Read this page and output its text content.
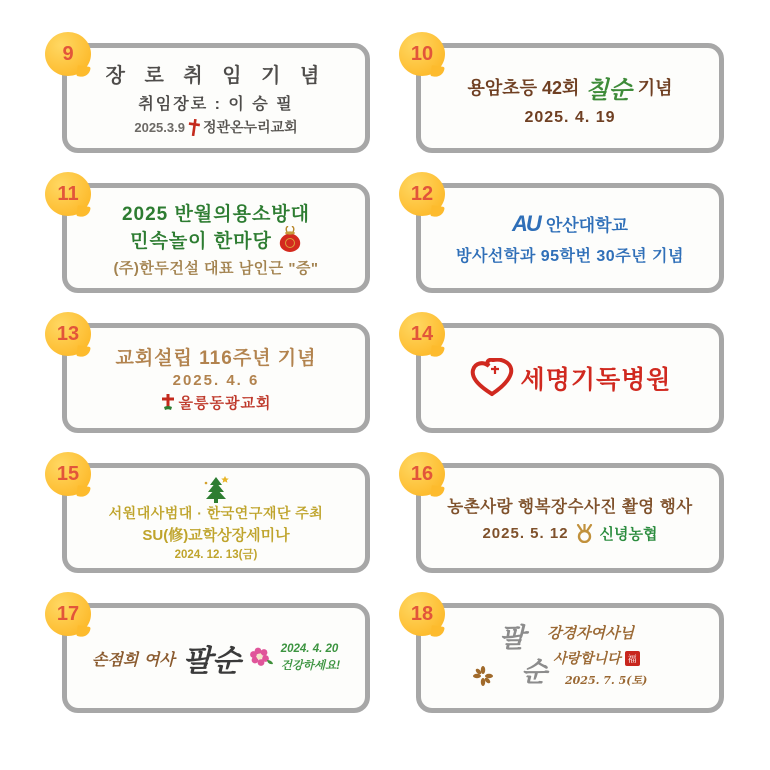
9
장 로 취 임 기 념
취임장로 : 이 승 필
2025.3.9 정관온누리교회
10
용암초등 42회 칠순 기념
2025. 4. 19
11
2025 반월의용소방대
민속놀이 한마당
(주)한두건설 대표 남인근 "증"
12
AU 안산대학교
방사선학과 95학번 30주년 기념
13
교회설립 116주년 기념
2025. 4. 6
울릉동광교회
14
세명기독병원
15
서원대사범대 · 한국연구재단 주최
SU(修)교학상장세미나
2024. 12. 13(금)
16
농촌사랑 행복장수사진 촬영 행사
2025. 5. 12 신녕농협
17
손점희 여사 팔순	2024. 4. 20
건강하세요!
18
팔
순
강경자여사님
사랑합니다 福
2025. 7. 5(토)
